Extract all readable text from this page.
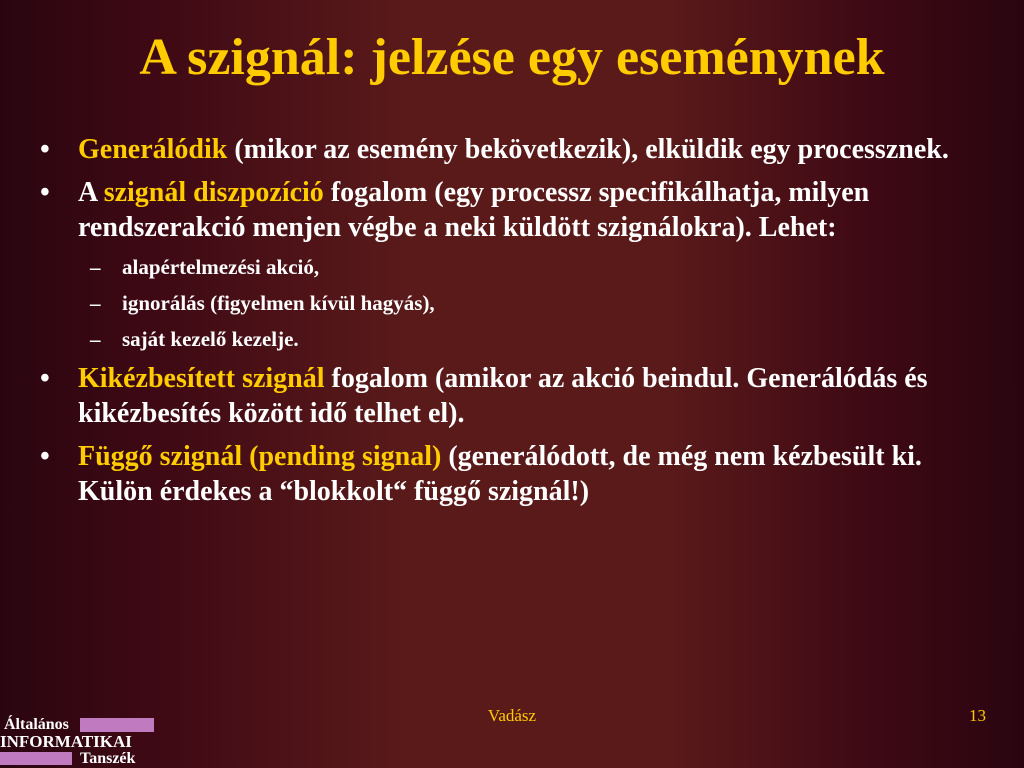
A szignál: jelzése egy eseménynek
• Generálódik (mikor az esemény bekövetkezik), elküldik egy processznek.
• A szignál diszpozíció fogalom (egy processz specifikálhatja, milyen rendszerakció menjen végbe a neki küldött szignálokra). Lehet:
– alapértelmezési akció,
– ignorálás (figyelmen kívül hagyás),
– saját kezelő kezelje.
• Kikézbesített szignál fogalom (amikor az akció beindul. Generálódás és kikézbesítés között idő telhet el).
• Függő szignál (pending signal) (generálódott, de még nem kézbesült ki. Külön érdekes a “blokkolt“ függő szignál!)
Vadász	13
Általános
INFORMATIKAI
Tanszék
